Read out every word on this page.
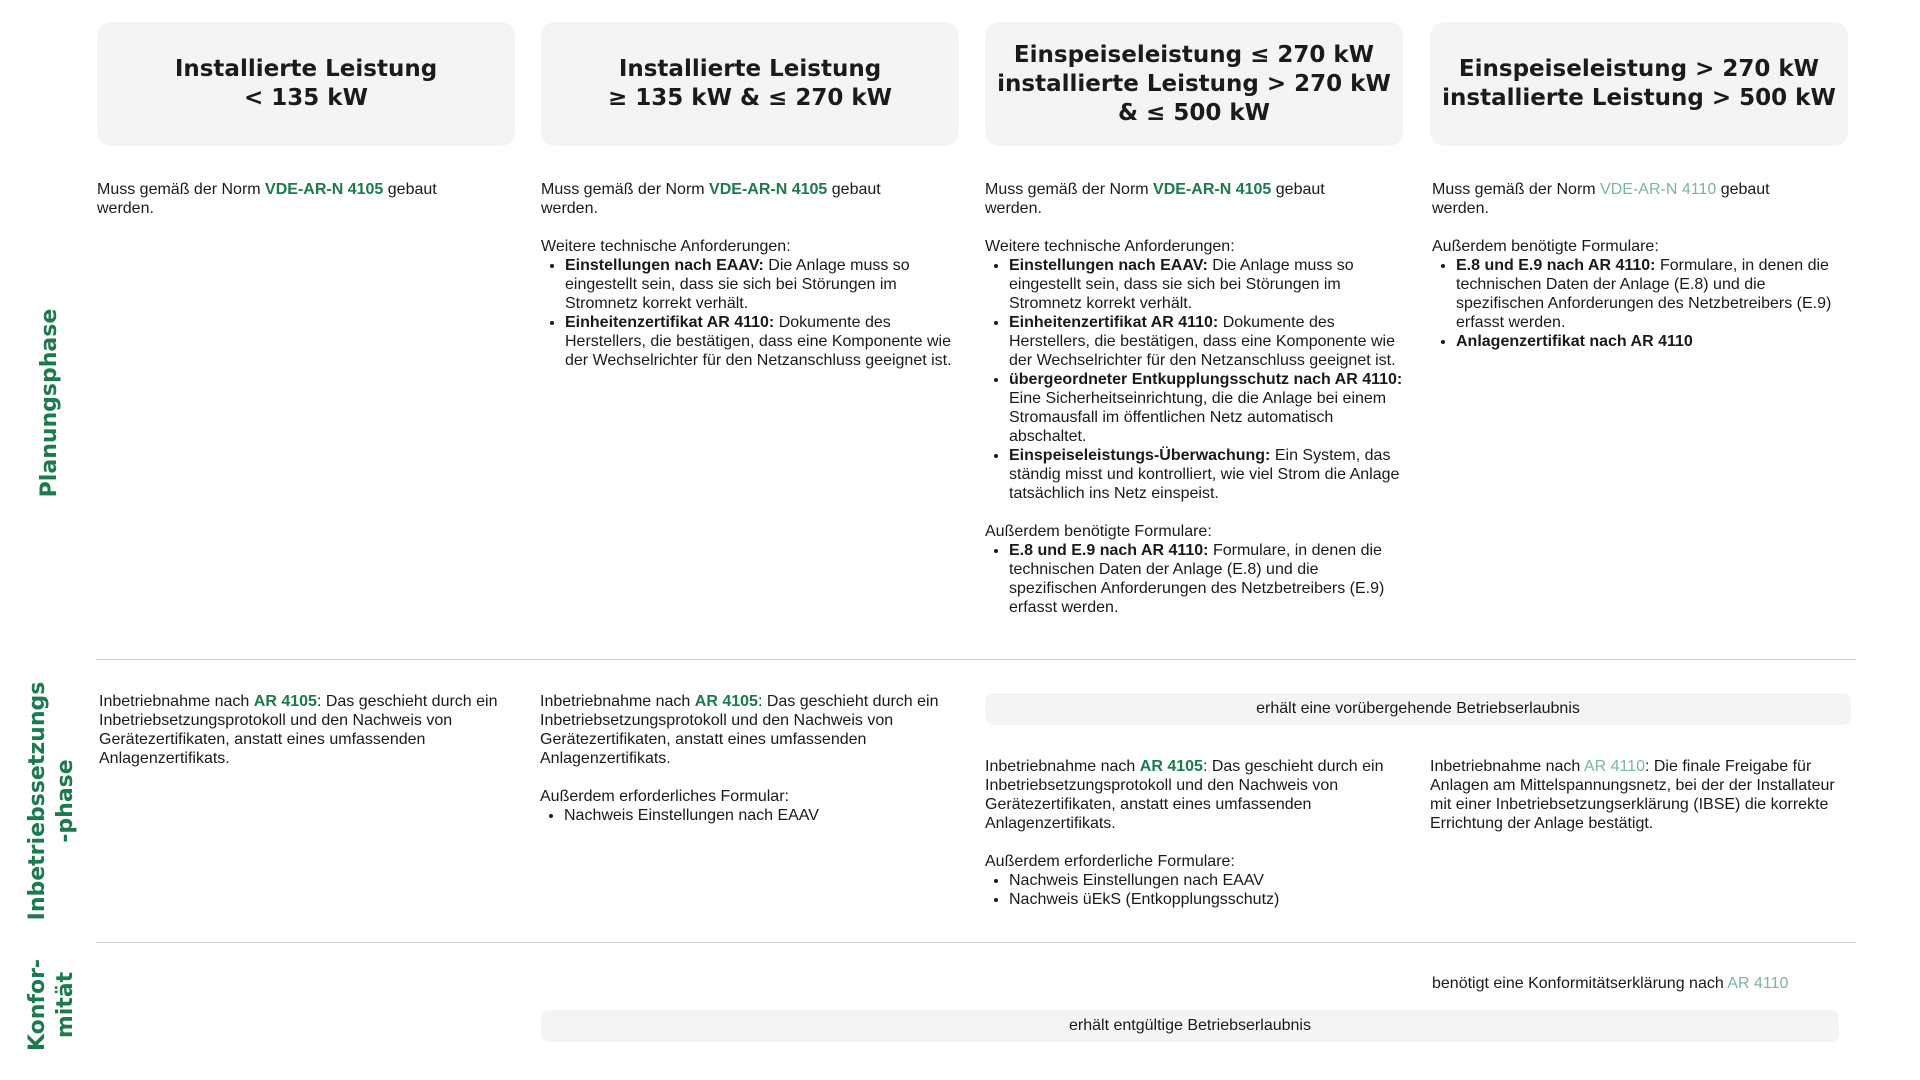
Installierte Leistung
< 135 kW
Installierte Leistung
≥ 135 kW & ≤ 270 kW
Einspeiseleistung ≤ 270 kW
installierte Leistung > 270 kW
& ≤ 500 kW
Einspeiseleistung > 270 kW
installierte Leistung > 500 kW
Planungsphase
Inbetriebssetzungs -phase
Konfor- mität

Muss gemäß der Norm VDE-AR-N 4105 gebaut
werden.

Muss gemäß der Norm VDE-AR-N 4105 gebaut
werden.

Weitere technische Anforderungen:

• Einstellungen nach EAAV: Die Anlage muss so eingestellt sein, dass sie sich bei Störungen im Stromnetz korrekt verhält.
• Einheitenzertifikat AR 4110: Dokumente des Herstellers, die bestätigen, dass eine Komponente wie der Wechselrichter für den Netzanschluss geeignet ist.

Muss gemäß der Norm VDE-AR-N 4105 gebaut
werden.

Weitere technische Anforderungen:

• Einstellungen nach EAAV: Die Anlage muss so eingestellt sein, dass sie sich bei Störungen im Stromnetz korrekt verhält.
• Einheitenzertifikat AR 4110: Dokumente des Herstellers, die bestätigen, dass eine Komponente wie der Wechselrichter für den Netzanschluss geeignet ist.
• übergeordneter Entkupplungsschutz nach AR 4110: Eine Sicherheitseinrichtung, die die Anlage bei einem Stromausfall im öffentlichen Netz automatisch abschaltet.
• Einspeiseleistungs-Überwachung: Ein System, das ständig misst und kontrolliert, wie viel Strom die Anlage tatsächlich ins Netz einspeist.

Außerdem benötigte Formulare:

• E.8 und E.9 nach AR 4110: Formulare, in denen die technischen Daten der Anlage (E.8) und die spezifischen Anforderungen des Netzbetreibers (E.9) erfasst werden.

Muss gemäß der Norm VDE-AR-N 4110 gebaut
werden.

Außerdem benötigte Formulare:

• E.8 und E.9 nach AR 4110: Formulare, in denen die technischen Daten der Anlage (E.8) und die spezifischen Anforderungen des Netzbetreibers (E.9) erfasst werden.
• Anlagenzertifikat nach AR 4110

Inbetriebnahme nach AR 4105: Das geschieht durch ein Inbetriebsetzungsprotokoll und den Nachweis von Gerätezertifikaten, anstatt eines umfassenden Anlagenzertifikats.

Inbetriebnahme nach AR 4105: Das geschieht durch ein Inbetriebsetzungsprotokoll und den Nachweis von Gerätezertifikaten, anstatt eines umfassenden Anlagenzertifikats.

Außerdem erforderliches Formular:

• Nachweis Einstellungen nach EAAV
erhält eine vorübergehende Betriebserlaubnis

Inbetriebnahme nach AR 4105: Das geschieht durch ein Inbetriebsetzungsprotokoll und den Nachweis von Gerätezertifikaten, anstatt eines umfassenden Anlagenzertifikats.

Außerdem erforderliche Formulare:

• Nachweis Einstellungen nach EAAV
• Nachweis üEkS (Entkopplungsschutz)

Inbetriebnahme nach AR 4110: Die finale Freigabe für Anlagen am Mittelspannungsnetz, bei der der Installateur mit einer Inbetriebsetzungserklärung (IBSE) die korrekte Errichtung der Anlage bestätigt.

benötigt eine Konformitätserklärung nach AR 4110

erhält entgültige Betriebserlaubnis
